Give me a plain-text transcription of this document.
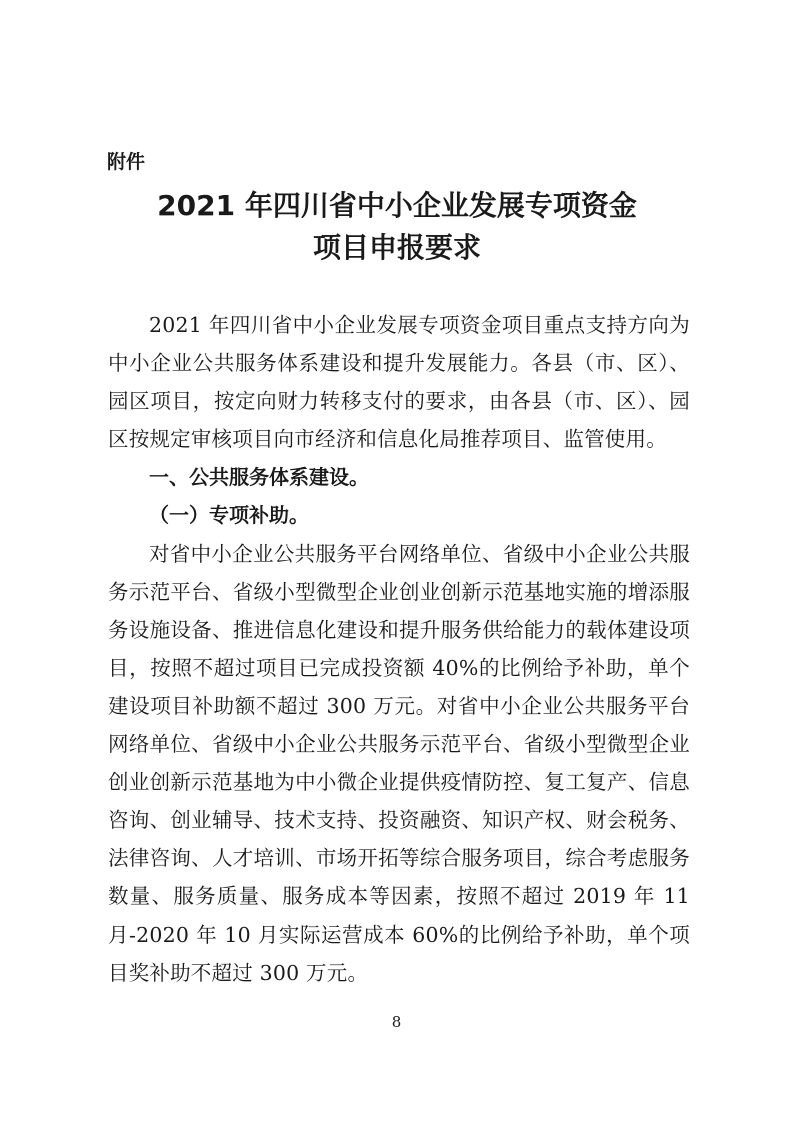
附件

2021 年四川省中小企业发展专项资金
项目申报要求

2021 年四川省中小企业发展专项资金项目重点支持方向为中小企业公共服务体系建设和提升发展能力。各县（市、区）、园区项目，按定向财力转移支付的要求，由各县（市、区）、园区按规定审核项目向市经济和信息化局推荐项目、监管使用。

一、公共服务体系建设。

（一）专项补助。

对省中小企业公共服务平台网络单位、省级中小企业公共服务示范平台、省级小型微型企业创业创新示范基地实施的增添服务设施设备、推进信息化建设和提升服务供给能力的载体建设项目，按照不超过项目已完成投资额 40%的比例给予补助，单个建设项目补助额不超过 300 万元。对省中小企业公共服务平台网络单位、省级中小企业公共服务示范平台、省级小型微型企业创业创新示范基地为中小微企业提供疫情防控、复工复产、信息咨询、创业辅导、技术支持、投资融资、知识产权、财会税务、法律咨询、人才培训、市场开拓等综合服务项目，综合考虑服务数量、服务质量、服务成本等因素，按照不超过 2019 年 11 月-2020 年 10 月实际运营成本 60%的比例给予补助，单个项目奖补助不超过 300 万元。

8
